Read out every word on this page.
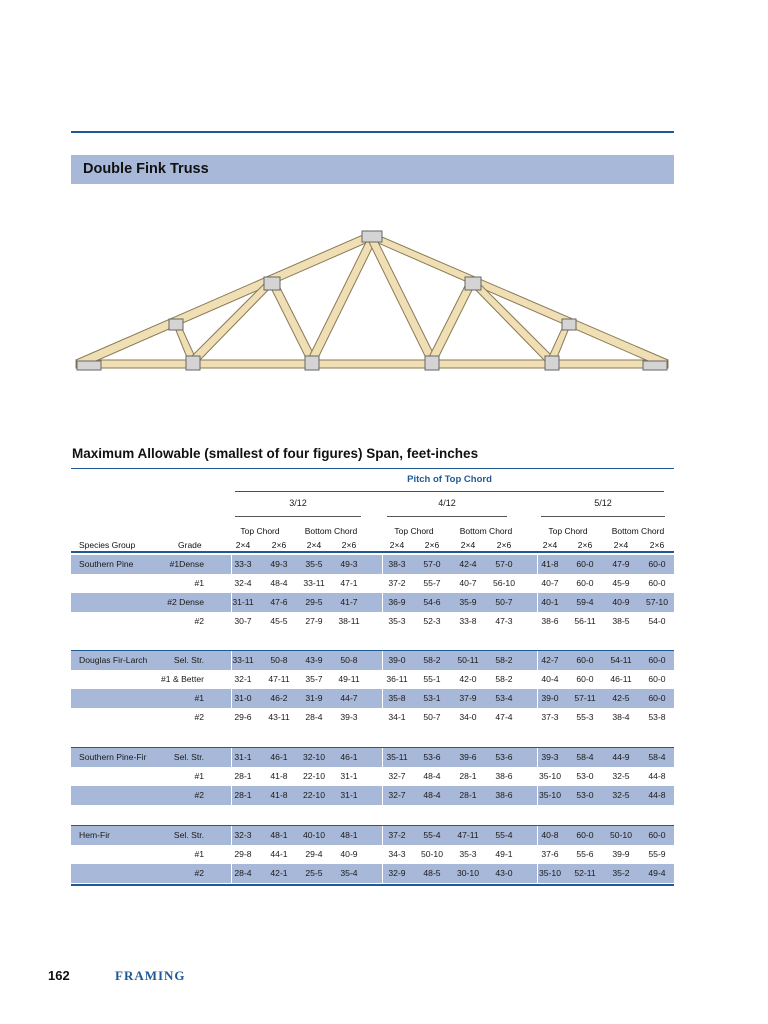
Double Fink Truss
Maximum Allowable (smallest of four figures) Span, feet-inches
Pitch of Top Chord
3/12	4/12	5/12
Top Chord	Bottom Chord	Top Chord	Bottom Chord	Top Chord	Bottom Chord
Species Group	Grade	2×4	2×6	2×4	2×6	2×4	2×6	2×4	2×6	2×4	2×6	2×4	2×6
Southern Pine	#1Dense	33-3	49-3	35-5	49-3	38-3	57-0	42-4	57-0	41-8	60-0	47-9	60-0
#1	32-4	48-4	33-11	47-1	37-2	55-7	40-7	56-10	40-7	60-0	45-9	60-0
#2 Dense	31-11	47-6	29-5	41-7	36-9	54-6	35-9	50-7	40-1	59-4	40-9	57-10
#2	30-7	45-5	27-9	38-11	35-3	52-3	33-8	47-3	38-6	56-11	38-5	54-0
Douglas Fir-Larch	Sel. Str.	33-11	50-8	43-9	50-8	39-0	58-2	50-11	58-2	42-7	60-0	54-11	60-0
#1 & Better	32-1	47-11	35-7	49-11	36-11	55-1	42-0	58-2	40-4	60-0	46-11	60-0
#1	31-0	46-2	31-9	44-7	35-8	53-1	37-9	53-4	39-0	57-11	42-5	60-0
#2	29-6	43-11	28-4	39-3	34-1	50-7	34-0	47-4	37-3	55-3	38-4	53-8
Southern Pine-Fir	Sel. Str.	31-1	46-1	32-10	46-1	35-11	53-6	39-6	53-6	39-3	58-4	44-9	58-4
#1	28-1	41-8	22-10	31-1	32-7	48-4	28-1	38-6	35-10	53-0	32-5	44-8
#2	28-1	41-8	22-10	31-1	32-7	48-4	28-1	38-6	35-10	53-0	32-5	44-8
Hem-Fir	Sel. Str.	32-3	48-1	40-10	48-1	37-2	55-4	47-11	55-4	40-8	60-0	50-10	60-0
#1	29-8	44-1	29-4	40-9	34-3	50-10	35-3	49-1	37-6	55-6	39-9	55-9
#2	28-4	42-1	25-5	35-4	32-9	48-5	30-10	43-0	35-10	52-11	35-2	49-4
162	FRAMING
